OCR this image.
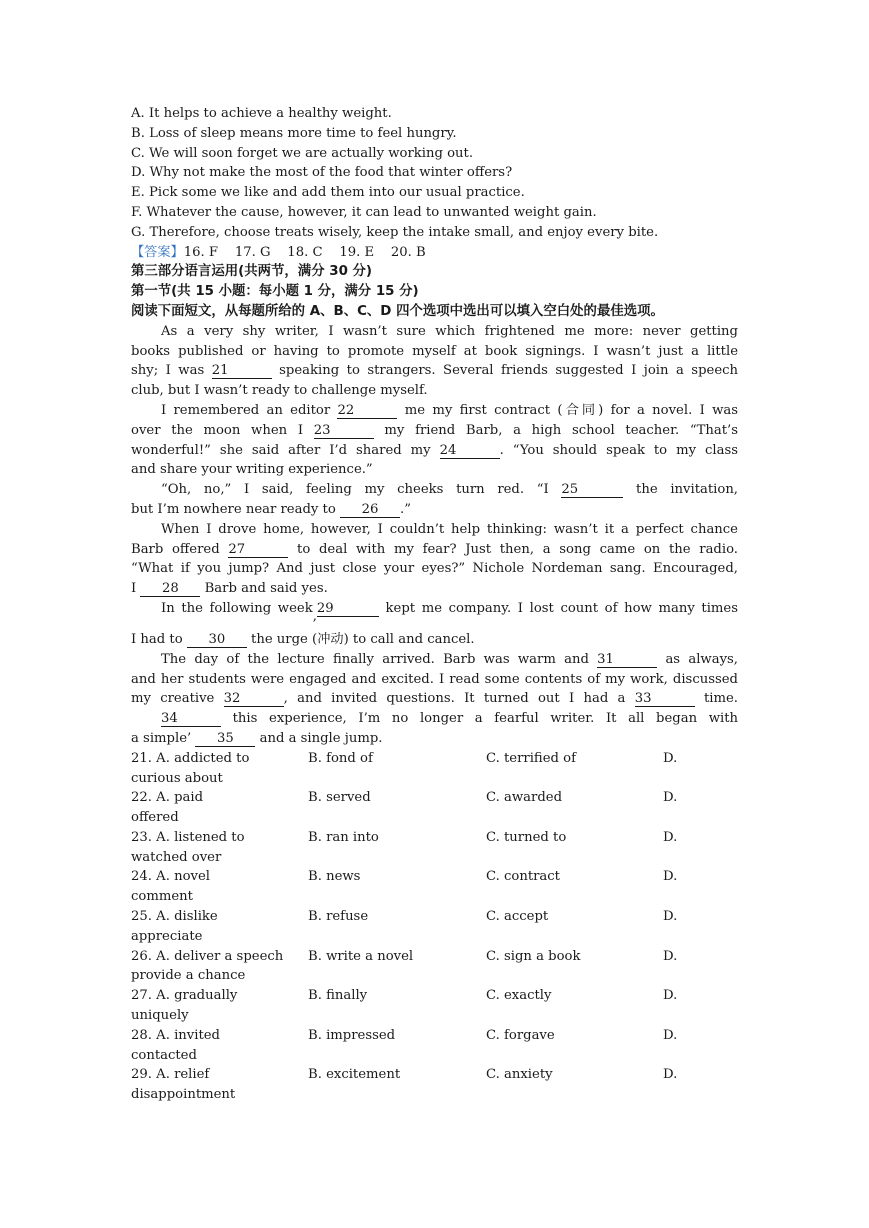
A. It helps to achieve a healthy weight.
B. Loss of sleep means more time to feel hungry.
C. We will soon forget we are actually working out.
D. Why not make the most of the food that winter offers?
E. Pick some we like and add them into our usual practice.
F. Whatever the cause, however, it can lead to unwanted weight gain.
G. Therefore, choose treats wisely, keep the intake small, and enjoy every bite.
【答案】16. F    17. G    18. C    19. E    20. B
第三部分语言运用(共两节，满分 30 分)
第一节(共 15 小题：每小题 1 分，满分 15 分)
阅读下面短文，从每题所给的 A、B、C、D 四个选项中选出可以填入空白处的最佳选项。
As a very shy writer, I wasn’t sure which frightened me more: never getting
books published or having to promote myself at book signings. I wasn’t just a little
shy; I was 21	speaking to strangers. Several friends suggested I join a speech
club, but I wasn’t ready to challenge myself.
I remembered an editor 22	me my first contract (合同) for a novel. I was
over the moon when I 23	my friend Barb, a high school teacher. “That’s
wonderful!” she said after I’d shared my 24	. “You should speak to my class
and share your writing experience.”
“Oh, no,” I said, feeling my cheeks turn red. “I 25	the invitation,
but I’m nowhere near ready to 26 .”
When I drove home, however, I couldn’t help thinking: wasn’t it a perfect chance
Barb offered 27	to deal with my fear? Just then, a song came on the radio.
“What if you jump? And just close your eyes?” Nichole Nordeman sang. Encouraged,
I 28 Barb and said yes.
In the following week,29	kept me company. I lost count of how many times
I had to 30 the urge (冲动) to call and cancel.
The day of the lecture finally arrived. Barb was warm and 31	as always,
and her students were engaged and excited. I read some contents of my work, discussed
my creative 32	, and invited questions. It turned out I had a 33	time.
34	this experience, I’m no longer a fearful writer. It all began with
a simple’ 35 and a single jump.
21. A. addicted to	B. fond of	C. terrified of	D.
curious about
22. A. paid	B. served	C. awarded	D.
offered
23. A. listened to	B. ran into	C. turned to	D.
watched over
24. A. novel	B. news	C. contract	D.
comment
25. A. dislike	B. refuse	C. accept	D.
appreciate
26. A. deliver a speech B. write a novel	C. sign a book	D.
provide a chance
27. A. gradually	B. finally	C. exactly	D.
uniquely
28. A. invited	B. impressed	C. forgave	D.
contacted
29. A. relief	B. excitement	C. anxiety	D.
disappointment
